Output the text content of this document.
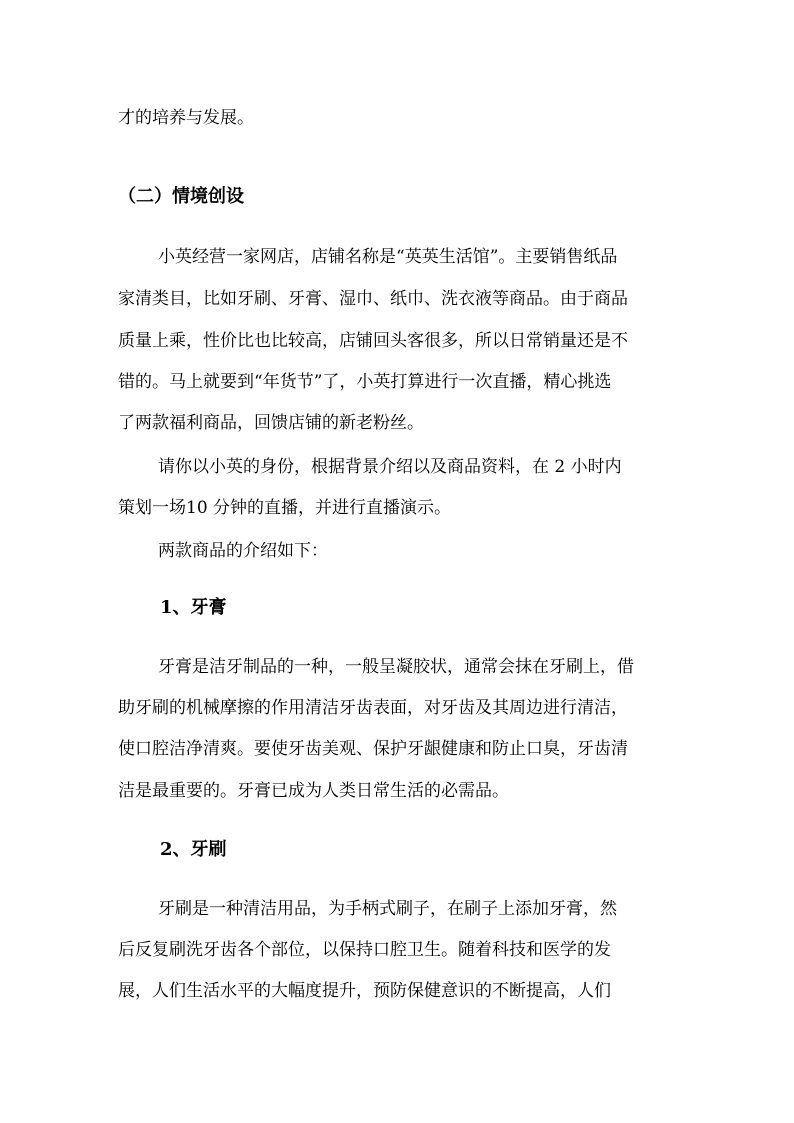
才的培养与发展。

（二）情境创设

小英经营一家网店，店铺名称是“英英生活馆”。主要销售纸品

家清类目，比如牙刷、牙膏、湿巾、纸巾、洗衣液等商品。由于商品

质量上乘，性价比也比较高，店铺回头客很多，所以日常销量还是不

错的。马上就要到“年货节”了，小英打算进行一次直播，精心挑选

了两款福利商品，回馈店铺的新老粉丝。

请你以小英的身份，根据背景介绍以及商品资料，在 2 小时内

策划一场10 分钟的直播，并进行直播演示。

两款商品的介绍如下：

1、牙膏

牙膏是洁牙制品的一种，一般呈凝胶状，通常会抹在牙刷上，借

助牙刷的机械摩擦的作用清洁牙齿表面，对牙齿及其周边进行清洁，

使口腔洁净清爽。要使牙齿美观、保护牙龈健康和防止口臭，牙齿清

洁是最重要的。牙膏已成为人类日常生活的必需品。

2、牙刷

牙刷是一种清洁用品，为手柄式刷子，在刷子上添加牙膏，然

后反复刷洗牙齿各个部位，以保持口腔卫生。随着科技和医学的发

展，人们生活水平的大幅度提升，预防保健意识的不断提高，人们
